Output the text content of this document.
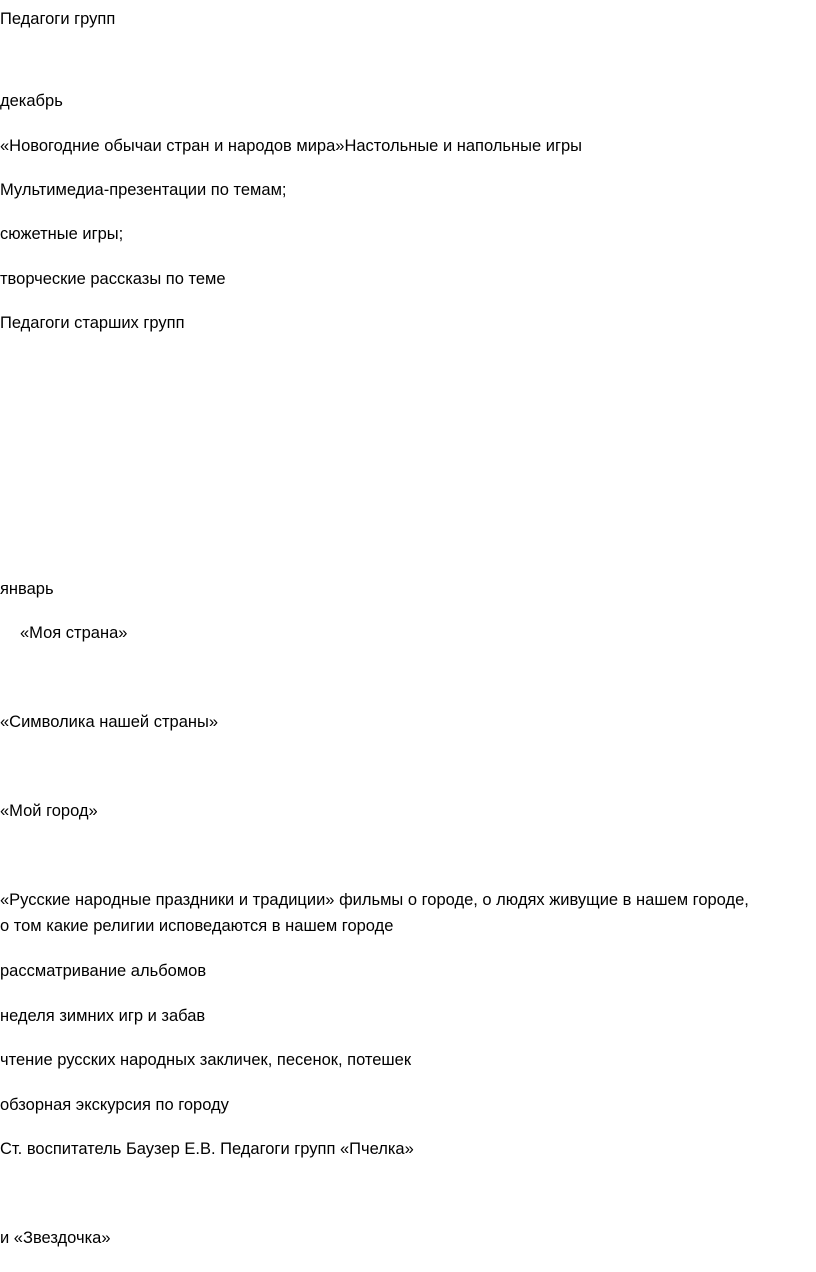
Педагоги групп

декабрь

«Новогодние обычаи стран и народов мира»Настольные и напольные игры

Мультимедиа-презентации по темам;

сюжетные игры;

творческие рассказы по теме

Педагоги старших групп

январь

«Моя страна»

«Символика нашей страны»

«Мой город»

«Русские народные праздники и традиции» фильмы о городе, о людях живущие в нашем городе,

о том какие религии исповедаются в нашем городе

рассматривание альбомов

неделя зимних игр и забав

чтение русских народных закличек, песенок, потешек

обзорная экскурсия по городу

Ст. воспитатель Баузер Е.В. Педагоги групп «Пчелка»

и «Звездочка»
